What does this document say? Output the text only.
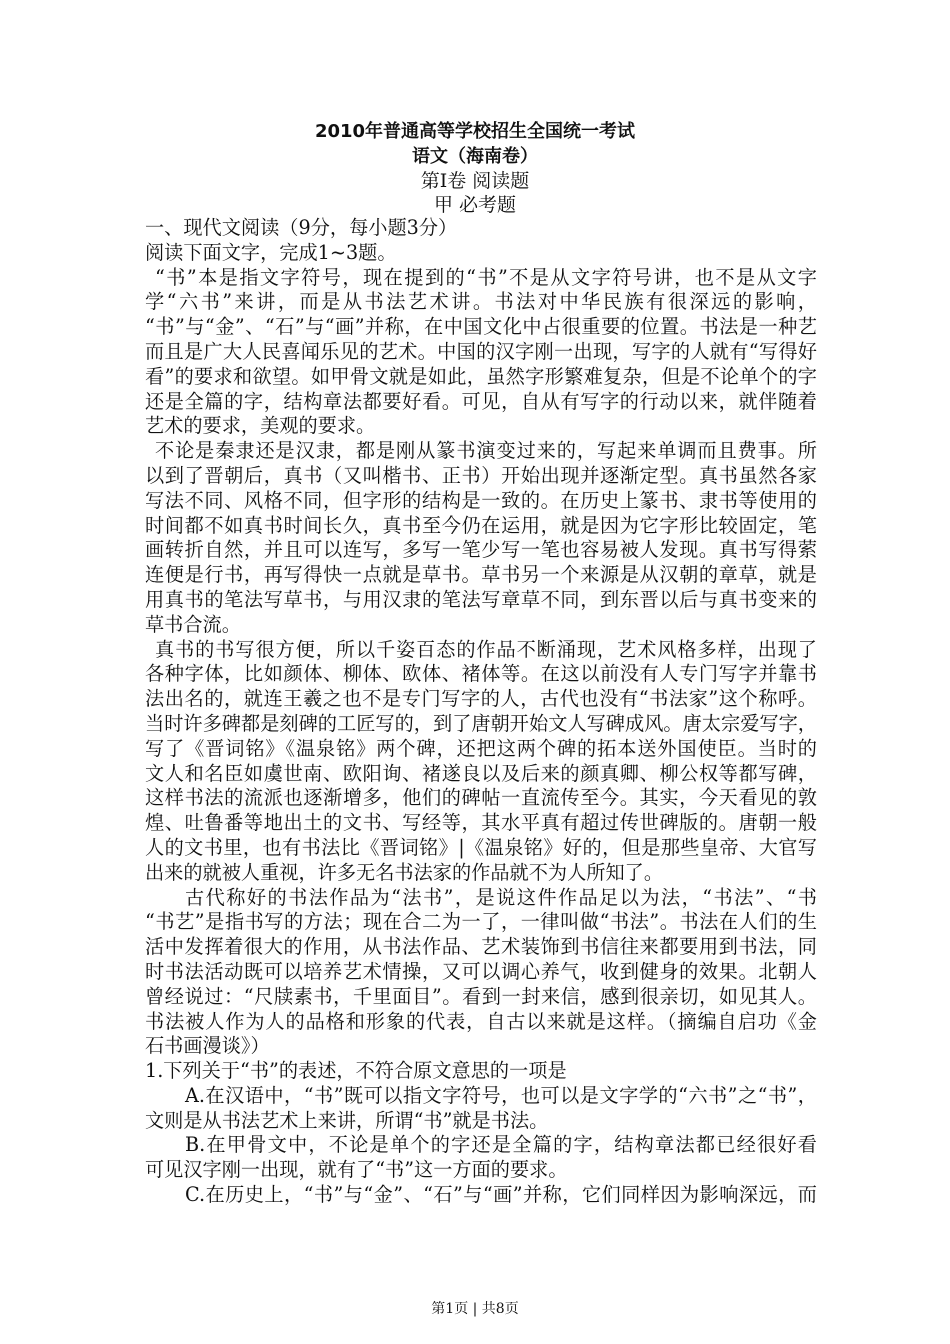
2010年普通高等学校招生全国统一考试
语文（海南卷）
第I卷 阅读题
甲 必考题
一、现代文阅读（9分，每小题3分）
阅读下面文字，完成1~3题。
“书”本是指文字符号，现在提到的“书”不是从文字符号讲，也不是从文字
学“六书”来讲，而是从书法艺术讲。书法对中华民族有很深远的影响，
“书”与“金”、“石”与“画”并称，在中国文化中占很重要的位置。书法是一种艺
而且是广大人民喜闻乐见的艺术。中国的汉字刚一出现，写字的人就有“写得好
看”的要求和欲望。如甲骨文就是如此，虽然字形繁难复杂，但是不论单个的字
还是全篇的字，结构章法都要好看。可见，自从有写字的行动以来，就伴随着
艺术的要求，美观的要求。
不论是秦隶还是汉隶，都是刚从篆书演变过来的，写起来单调而且费事。所
以到了晋朝后，真书（又叫楷书、正书）开始出现并逐渐定型。真书虽然各家
写法不同、风格不同，但字形的结构是一致的。在历史上篆书、隶书等使用的
时间都不如真书时间长久，真书至今仍在运用，就是因为它字形比较固定，笔
画转折自然，并且可以连写，多写一笔少写一笔也容易被人发现。真书写得萦
连便是行书，再写得快一点就是草书。草书另一个来源是从汉朝的章草，就是
用真书的笔法写草书，与用汉隶的笔法写章草不同，到东晋以后与真书变来的
草书合流。
真书的书写很方便，所以千姿百态的作品不断涌现，艺术风格多样，出现了
各种字体，比如颜体、柳体、欧体、褚体等。在这以前没有人专门写字并靠书
法出名的，就连王羲之也不是专门写字的人，古代也没有“书法家”这个称呼。
当时许多碑都是刻碑的工匠写的，到了唐朝开始文人写碑成风。唐太宗爱写字，
写了《晋词铭》《温泉铭》两个碑，还把这两个碑的拓本送外国使臣。当时的
文人和名臣如虞世南、欧阳询、褚遂良以及后来的颜真卿、柳公权等都写碑，
这样书法的流派也逐渐增多，他们的碑帖一直流传至今。其实，今天看见的敦
煌、吐鲁番等地出土的文书、写经等，其水平真有超过传世碑版的。唐朝一般
人的文书里，也有书法比《晋词铭》|《温泉铭》好的，但是那些皇帝、大官写
出来的就被人重视，许多无名书法家的作品就不为人所知了。
古代称好的书法作品为“法书”，是说这件作品足以为法，“书法”、“书
“书艺”是指书写的方法；现在合二为一了，一律叫做“书法”。书法在人们的生
活中发挥着很大的作用，从书法作品、艺术装饰到书信往来都要用到书法，同
时书法活动既可以培养艺术情操，又可以调心养气，收到健身的效果。北朝人
曾经说过：“尺牍素书，千里面目”。看到一封来信，感到很亲切，如见其人。
书法被人作为人的品格和形象的代表，自古以来就是这样。（摘编自启功《金
石书画漫谈》）
1.下列关于“书”的表述，不符合原文意思的一项是
A.在汉语中，“书”既可以指文字符号，也可以是文字学的“六书”之“书”，
文则是从书法艺术上来讲，所谓“书”就是书法。
B.在甲骨文中，不论是单个的字还是全篇的字，结构章法都已经很好看
可见汉字刚一出现，就有了“书”这一方面的要求。
C.在历史上，“书”与“金”、“石”与“画”并称，它们同样因为影响深远，而
第1页 | 共8页
